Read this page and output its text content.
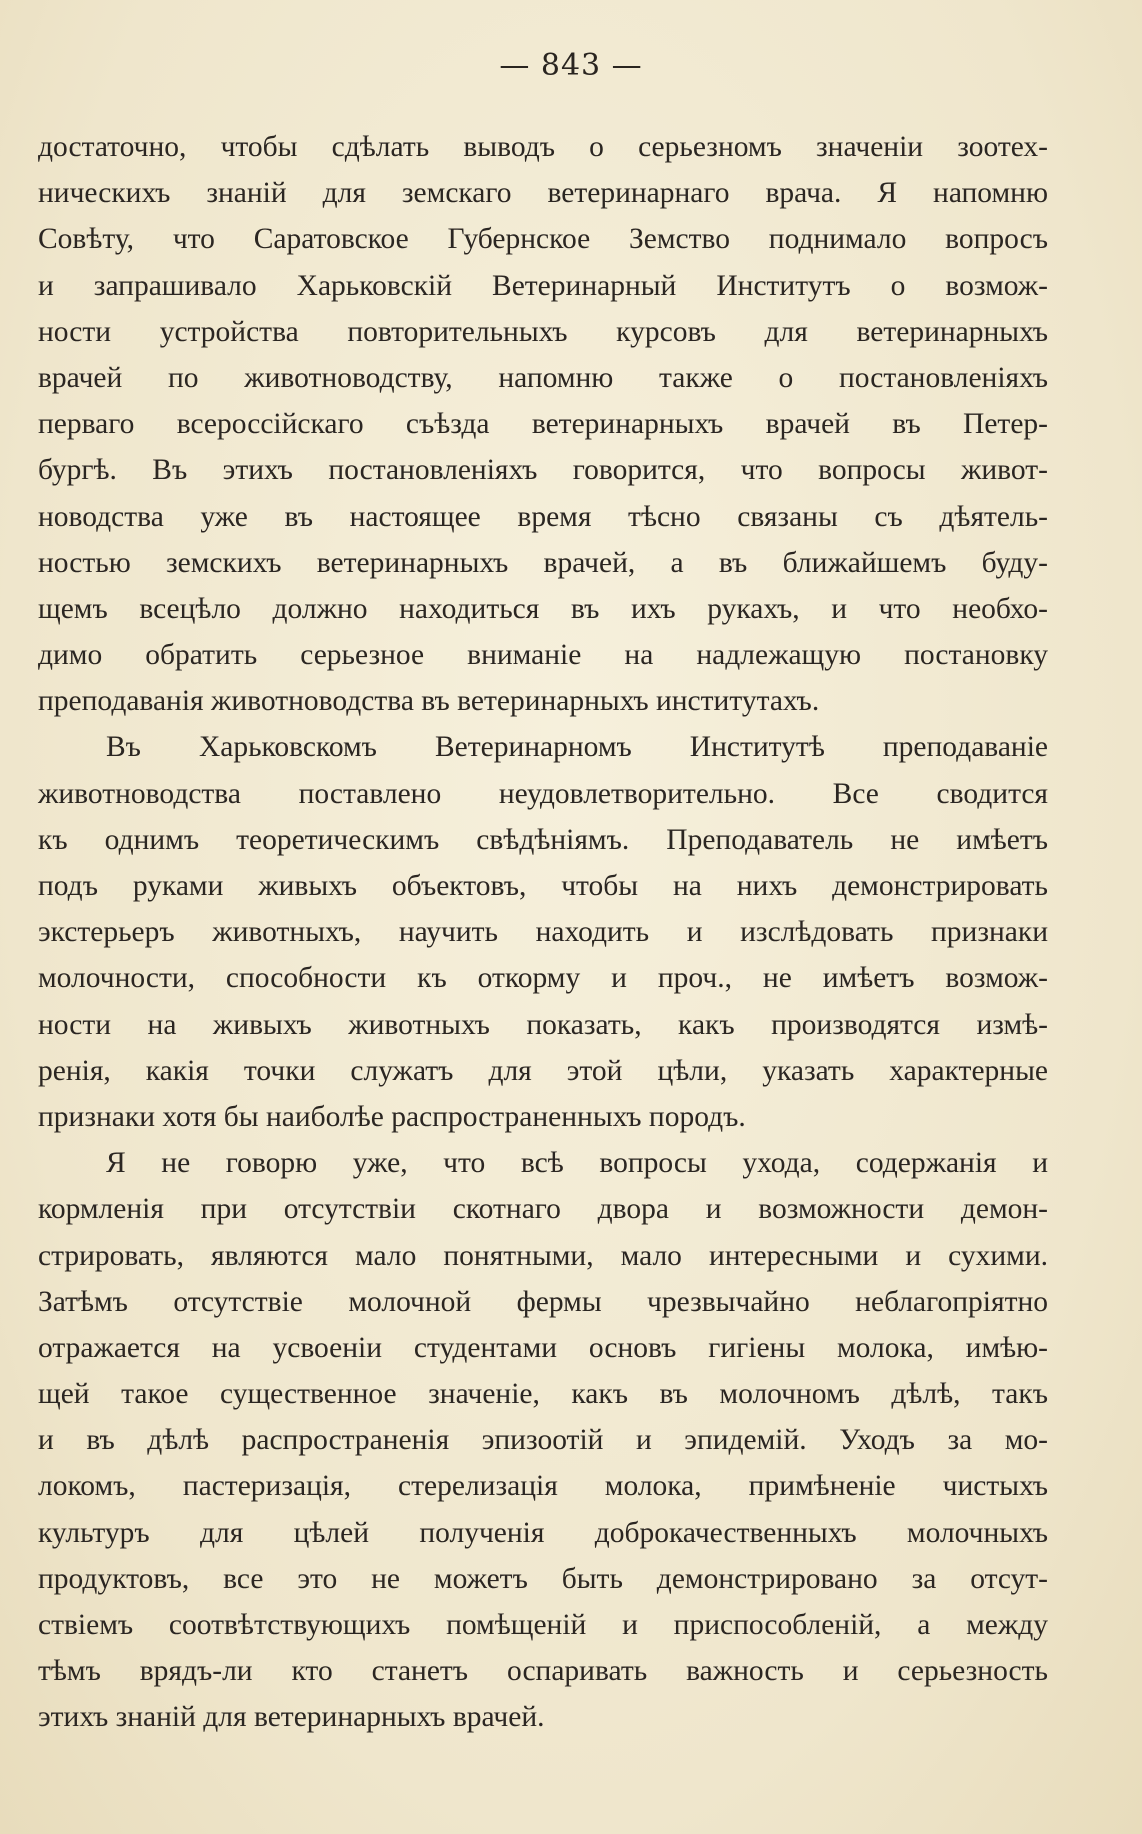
— 843 —
достаточно, чтобы сдѣлать выводъ о серьезномъ значенiи зоотех-
ническихъ знанiй для земскаго ветеринарнаго врача. Я напомню
Совѣту, что Саратовское Губернское Земство поднимало вопросъ
и запрашивало Харьковскiй Ветеринарный Институтъ о возмож-
ности устройства повторительныхъ курсовъ для ветеринарныхъ
врачей по животноводству, напомню также о постановленiяхъ
перваго всероссiйскаго съѣзда ветеринарныхъ врачей въ Петер-
бургѣ. Въ этихъ постановленiяхъ говорится, что вопросы живот-
новодства уже въ настоящее время тѣсно связаны съ дѣятель-
ностью земскихъ ветеринарныхъ врачей, а въ ближайшемъ буду-
щемъ всецѣло должно находиться въ ихъ рукахъ, и что необхо-
димо обратить серьезное вниманiе на надлежащую постановку
преподаванiя животноводства въ ветеринарныхъ институтахъ.
Въ Харьковскомъ Ветеринарномъ Институтѣ преподаванiе
животноводства поставлено неудовлетворительно. Все сводится
къ однимъ теоретическимъ свѣдѣнiямъ. Преподаватель не имѣетъ
подъ руками живыхъ объектовъ, чтобы на нихъ демонстрировать
экстерьеръ животныхъ, научить находить и изслѣдовать признаки
молочности, способности къ откорму и проч., не имѣетъ возмож-
ности на живыхъ животныхъ показать, какъ производятся измѣ-
ренiя, какiя точки служатъ для этой цѣли, указать характерные
признаки хотя бы наиболѣе распространенныхъ породъ.
Я не говорю уже, что всѣ вопросы ухода, содержанiя и
кормленiя при отсутствiи скотнаго двора и возможности демон-
стрировать, являются мало понятными, мало интересными и сухими.
Затѣмъ отсутствiе молочной фермы чрезвычайно неблагопрiятно
отражается на усвоенiи студентами основъ гигiены молока, имѣю-
щей такое существенное значенiе, какъ въ молочномъ дѣлѣ, такъ
и въ дѣлѣ распространенiя эпизоотiй и эпидемiй. Уходъ за мо-
локомъ, пастеризацiя, стерелизацiя молока, примѣненiе чистыхъ
культуръ для цѣлей полученiя доброкачественныхъ молочныхъ
продуктовъ, все это не можетъ быть демонстрировано за отсут-
ствiемъ соотвѣтствующихъ помѣщенiй и приспособленiй, а между
тѣмъ врядъ-ли кто станетъ оспаривать важность и серьезность
этихъ знанiй для ветеринарныхъ врачей.
